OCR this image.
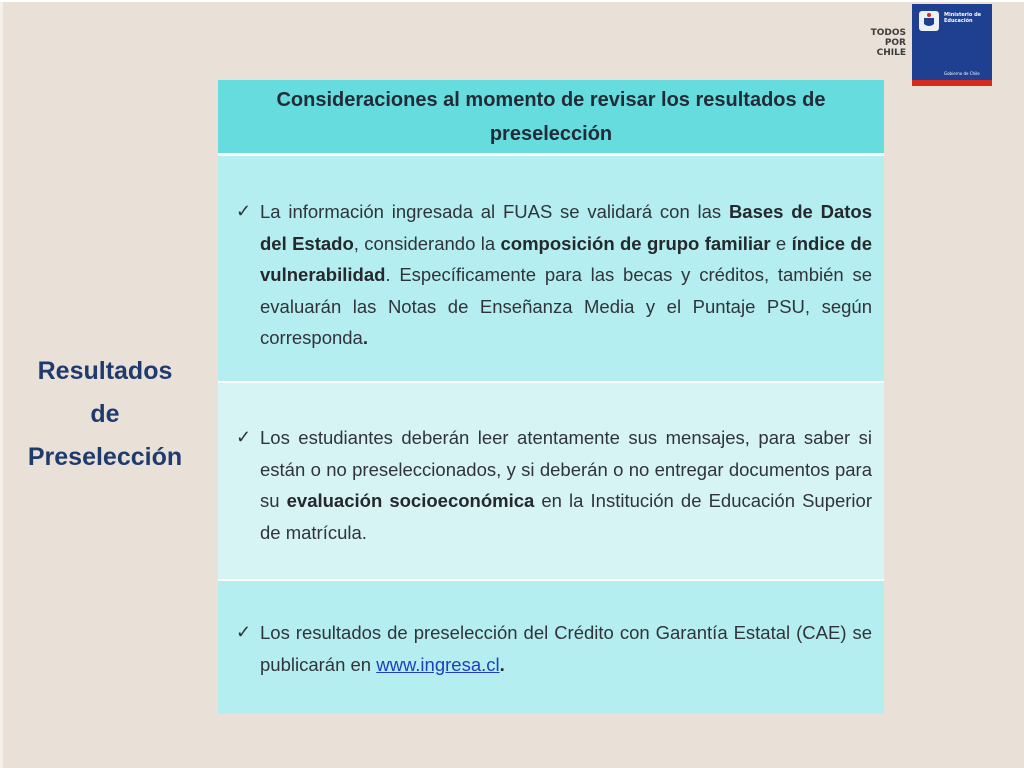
TODOS
POR
CHILE
Ministerio de Educación
Gobierno de Chile
Resultados
de
Preselección
Consideraciones al momento de revisar los resultados de preselección
✓ La información ingresada al FUAS se validará con las Bases de Datos del Estado, considerando la composición de grupo familiar e índice de vulnerabilidad. Específicamente para las becas y créditos, también se evaluarán las Notas de Enseñanza Media y el Puntaje PSU, según corresponda.
✓ Los estudiantes deberán leer atentamente sus mensajes, para saber si están o no preseleccionados, y si deberán o no entregar documentos para su evaluación socioeconómica en la Institución de Educación Superior de matrícula.
✓ Los resultados de preselección del Crédito con Garantía Estatal (CAE) se publicarán en www.ingresa.cl.
